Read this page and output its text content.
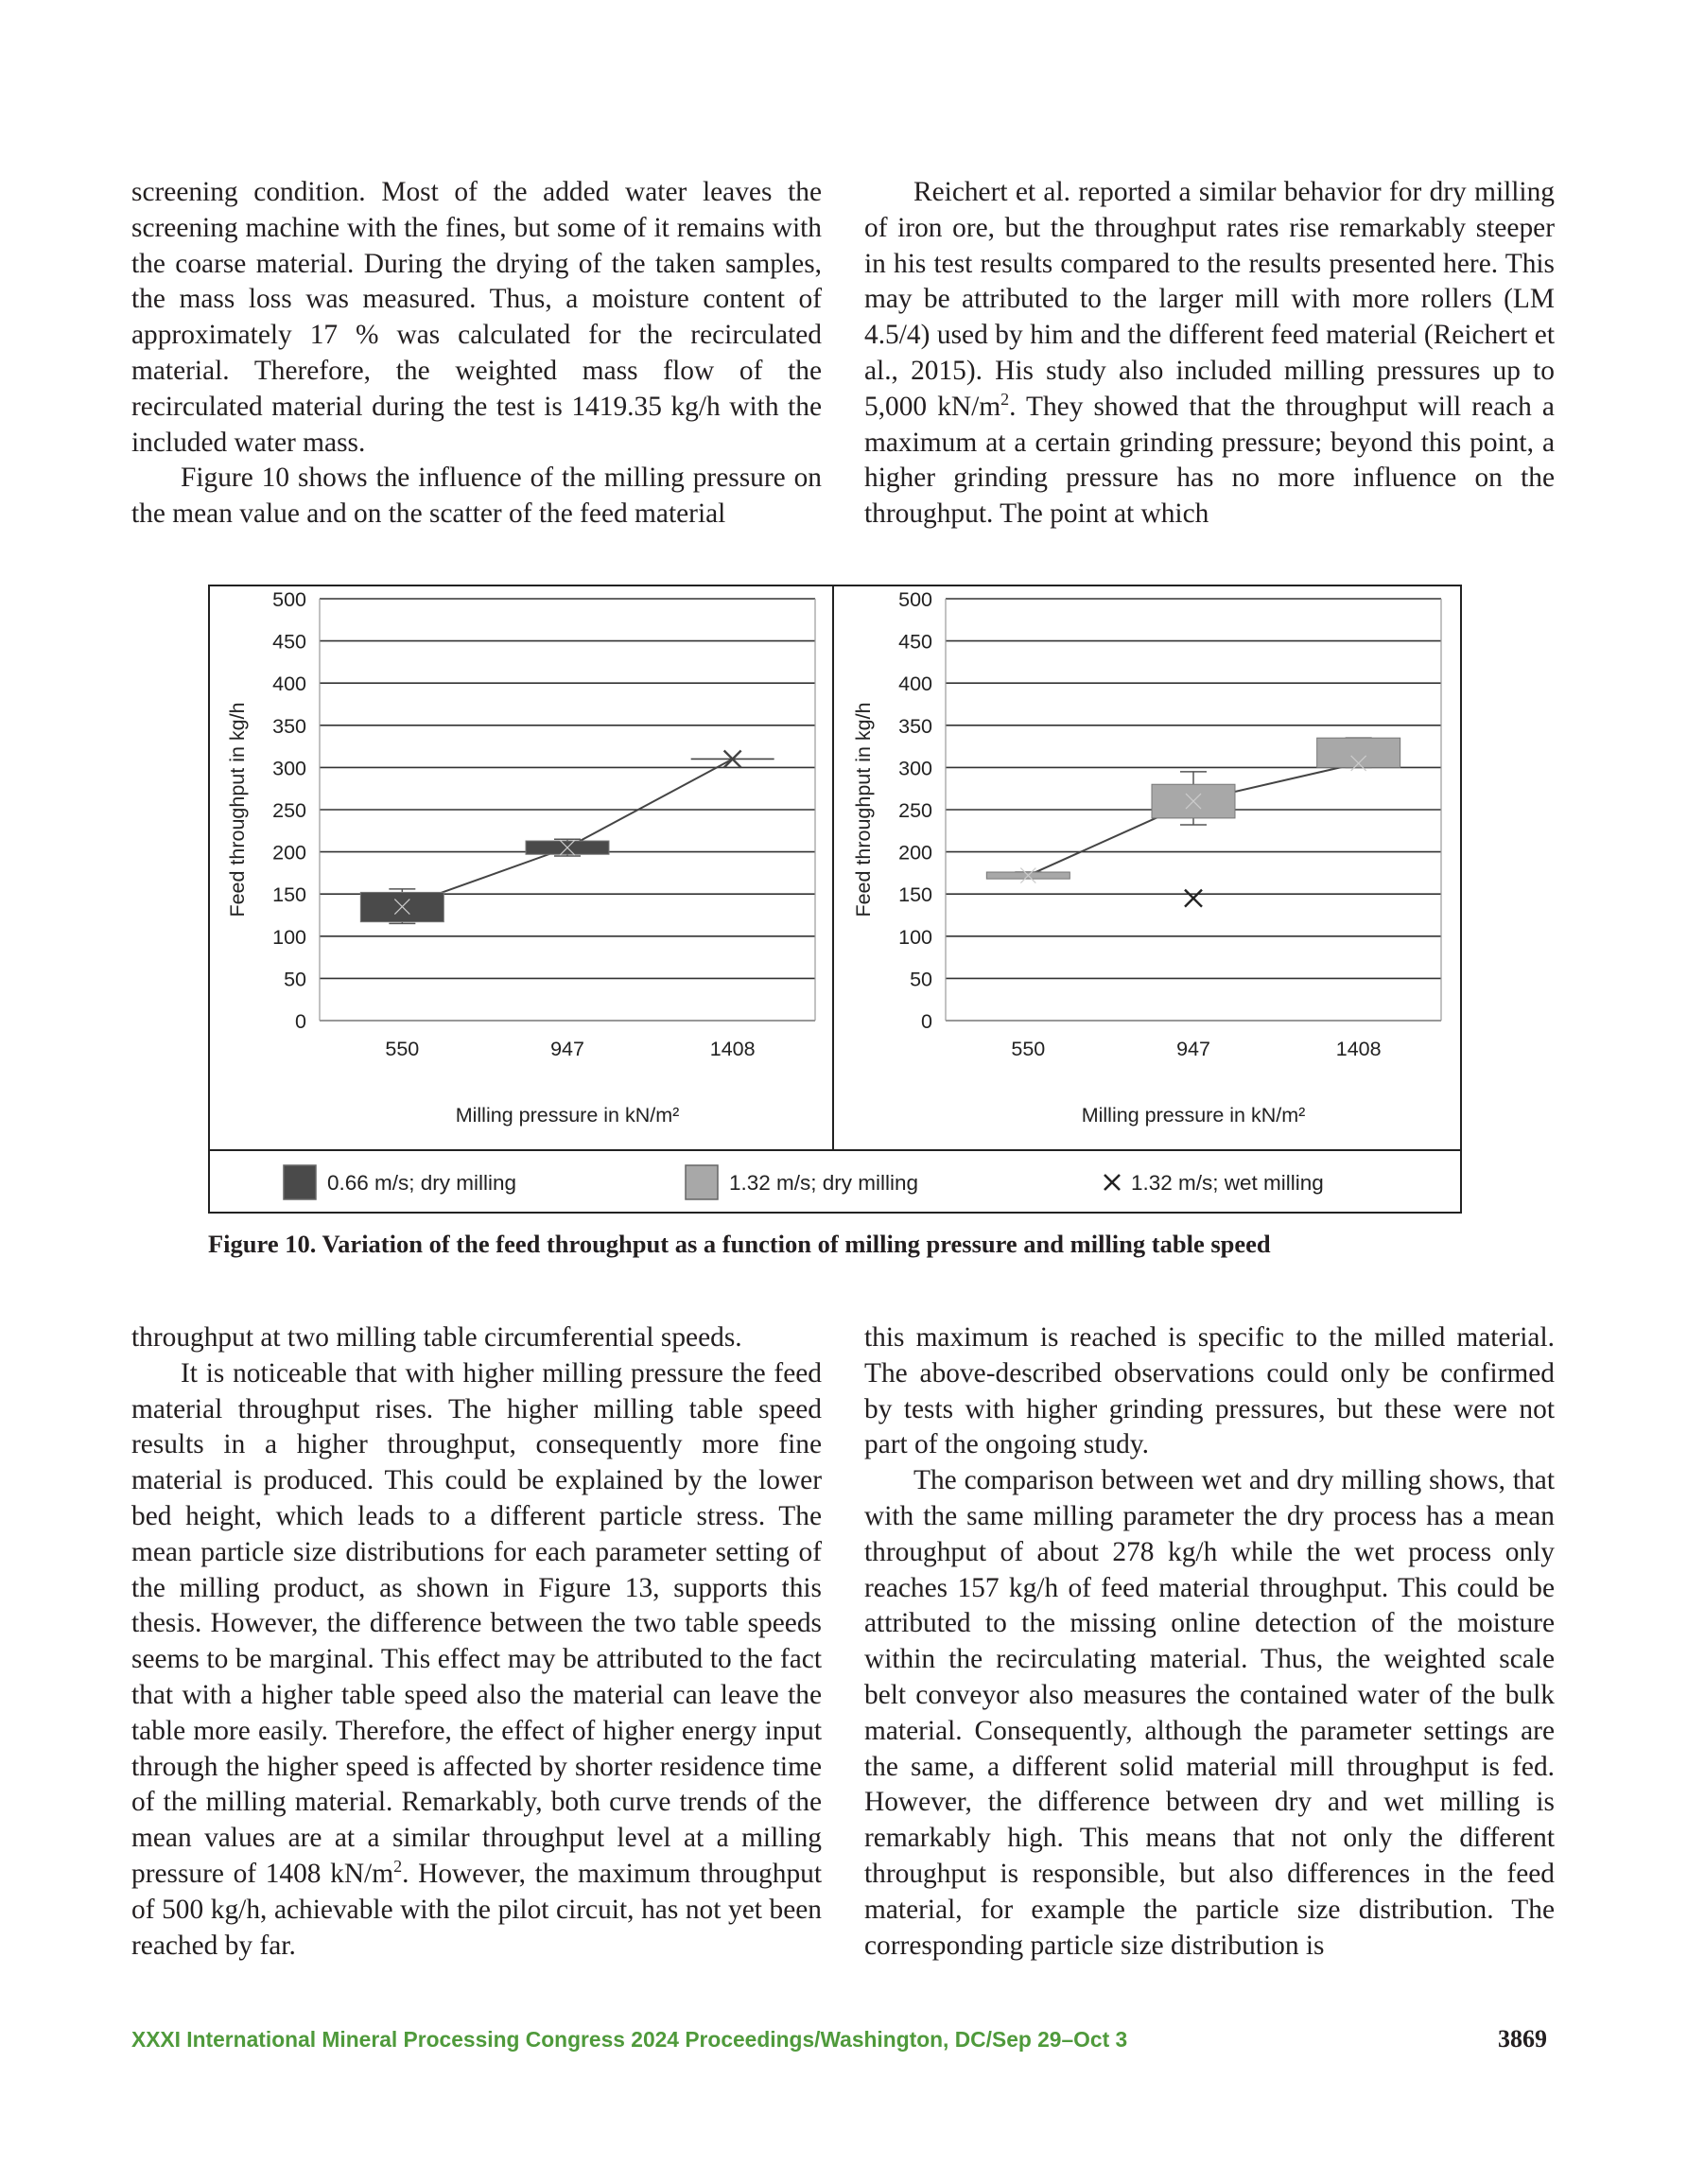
screening condition. Most of the added water leaves the screening machine with the fines, but some of it remains with the coarse material. During the drying of the taken samples, the mass loss was measured. Thus, a moisture content of approximately 17 % was calculated for the recirculated material. Therefore, the weighted mass flow of the recirculated material during the test is 1419.35 kg/h with the included water mass.

Figure 10 shows the influence of the milling pressure on the mean value and on the scatter of the feed material

Reichert et al. reported a similar behavior for dry milling of iron ore, but the throughput rates rise remarkably steeper in his test results compared to the results presented here. This may be attributed to the larger mill with more rollers (LM 4.5/4) used by him and the different feed material (Reichert et al., 2015). His study also included milling pressures up to 5,000 $kN/m^2$. They showed that the throughput will reach a maximum at a certain grinding pressure; beyond this point, a higher grinding pressure has no more influence on the throughput. The point at which

0
50
100
150
200
250
300
350
400
450
500
550	947	1408
Milling pressure in kN/m²
Feed throughput in kg/h
0
50
100
150
200
250
300
350
400
450
500
550	947	1408
Milling pressure in kN/m²
Feed throughput in kg/h
0.66 m/s; dry milling	1.32 m/s; dry milling	1.32 m/s; wet milling
Figure 10. Variation of the feed throughput as a function of milling pressure and milling table speed

throughput at two milling table circumferential speeds.

It is noticeable that with higher milling pressure the feed material throughput rises. The higher milling table speed results in a higher throughput, consequently more fine material is produced. This could be explained by the lower bed height, which leads to a different particle stress. The mean particle size distributions for each parameter setting of the milling product, as shown in Figure 13, supports this thesis. However, the difference between the two table speeds seems to be marginal. This effect may be attributed to the fact that with a higher table speed also the material can leave the table more easily. Therefore, the effect of higher energy input through the higher speed is affected by shorter residence time of the milling material. Remarkably, both curve trends of the mean values are at a similar throughput level at a milling pressure of 1408 $kN/m^2$. However, the maximum throughput of 500 kg/h, achievable with the pilot circuit, has not yet been reached by far.

this maximum is reached is specific to the milled material. The above-described observations could only be confirmed by tests with higher grinding pressures, but these were not part of the ongoing study.

The comparison between wet and dry milling shows, that with the same milling parameter the dry process has a mean throughput of about 278 kg/h while the wet process only reaches 157 kg/h of feed material throughput. This could be attributed to the missing online detection of the moisture within the recirculating material. Thus, the weighted scale belt conveyor also measures the contained water of the bulk material. Consequently, although the parameter settings are the same, a different solid material mill throughput is fed. However, the difference between dry and wet milling is remarkably high. This means that not only the different throughput is responsible, but also differences in the feed material, for example the particle size distribution. The corresponding particle size distribution is

XXXI International Mineral Processing Congress 2024 Proceedings/Washington, DC/Sep 29–Oct 3	3869
